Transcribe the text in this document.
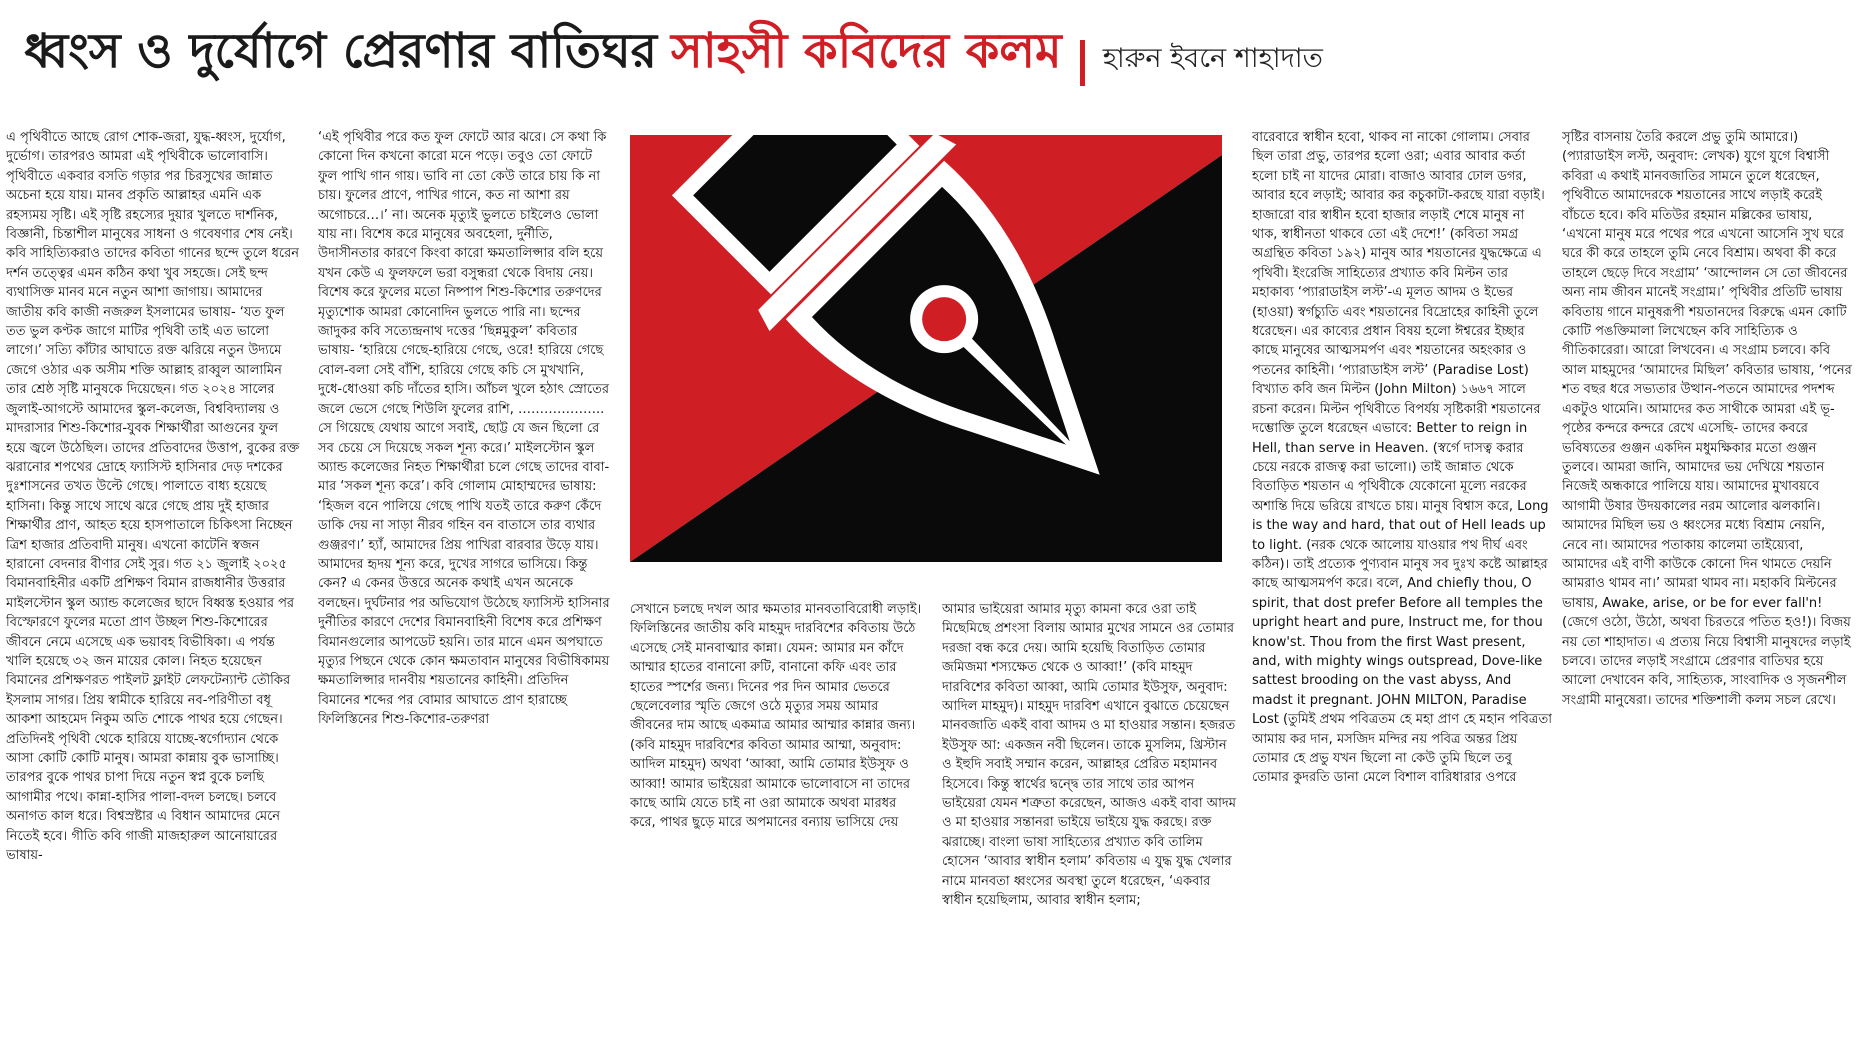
ধ্বংস ও দুর্যোগে প্রেরণার বাতিঘর সাহসী কবিদের কলম হারুন ইবনে শাহাদাত

এ পৃথিবীতে আছে রোগ শোক-জরা, যুদ্ধ-ধ্বংস, দুর্যোগ, দুর্ভোগ। তারপরও আমরা এই পৃথিবীকে ভালোবাসি। পৃথিবীতে একবার বসতি গড়ার পর চিরসুখের জান্নাত অচেনা হয়ে যায়। মানব প্রকৃতি আল্লাহর এমনি এক রহস্যময় সৃষ্টি। এই সৃষ্টি রহস্যের দুয়ার খুলতে দার্শনিক, বিজ্ঞানী, চিন্তাশীল মানুষের সাধনা ও গবেষণার শেষ নেই। কবি সাহিত্যিকরাও তাদের কবিতা গানের ছন্দে তুলে ধরেন দর্শন তত্ত্বের এমন কঠিন কথা খুব সহজে। সেই ছন্দ ব্যথাসিক্ত মানব মনে নতুন আশা জাগায়। আমাদের জাতীয় কবি কাজী নজরুল ইসলামের ভাষায়- ‘যত ফুল তত ভুল কণ্টক জাগে মাটির পৃথিবী তাই এত ভালো লাগে।’ সত্যি কাঁটার আঘাতে রক্ত ঝরিয়ে নতুন উদ্যমে জেগে ওঠার এক অসীম শক্তি আল্লাহ রাব্বুল আলামিন তার শ্রেষ্ঠ সৃষ্টি মানুষকে দিয়েছেন। গত ২০২৪ সালের জুলাই-আগস্টে আমাদের স্কুল-কলেজ, বিশ্ববিদ্যালয় ও মাদরাসার শিশু-কিশোর-যুবক শিক্ষার্থীরা আগুনের ফুল হয়ে জ্বলে উঠেছিল। তাদের প্রতিবাদের উত্তাপ, বুকের রক্ত ঝরানোর শপথের দ্রোহে ফ্যাসিস্ট হাসিনার দেড় দশকের দুঃশাসনের তখত উল্টে গেছে। পালাতে বাধ্য হয়েছে হাসিনা। কিন্তু সাথে সাথে ঝরে গেছে প্রায় দুই হাজার শিক্ষার্থীর প্রাণ, আহত হয়ে হাসপাতালে চিকিৎসা নিচ্ছেন ত্রিশ হাজার প্রতিবাদী মানুষ। এখনো কাটেনি স্বজন হারানো বেদনার বীণার সেই সুর। গত ২১ জুলাই ২০২৫ বিমানবাহিনীর একটি প্রশিক্ষণ বিমান রাজধানীর উত্তরার মাইলস্টোন স্কুল অ্যান্ড কলেজের ছাদে বিধ্বস্ত হওয়ার পর বিস্ফোরণে ফুলের মতো প্রাণ উচ্ছল শিশু-কিশোরের জীবনে নেমে এসেছে এক ভয়াবহ বিভীষিকা। এ পর্যন্ত খালি হয়েছে ৩২ জন মায়ের কোল। নিহত হয়েছেন বিমানের প্রশিক্ষণরত পাইলট ফ্লাইট লেফটেন্যান্ট তৌকির ইসলাম সাগর। প্রিয় স্বামীকে হারিয়ে নব-পরিণীতা বধূ আকশা আহমেদ নিকুম অতি শোকে পাথর হয়ে গেছেন। প্রতিদিনই পৃথিবী থেকে হারিয়ে যাচ্ছে-স্বর্গোদ্যান থেকে আসা কোটি কোটি মানুষ। আমরা কান্নায় বুক ভাসাচ্ছি। তারপর বুকে পাথর চাপা দিয়ে নতুন স্বপ্ন বুকে চলছি আগামীর পথে। কান্না-হাসির পালা-বদল চলছে। চলবে অনাগত কাল ধরে। বিশ্বস্রষ্টার এ বিধান আমাদের মেনে নিতেই হবে। গীতি কবি গাজী মাজহারুল আনোয়ারের ভাষায়-

‘এই পৃথিবীর পরে কত ফুল ফোটে আর ঝরে। সে কথা কি কোনো দিন কখনো কারো মনে পড়ে। তবুও তো ফোটে ফুল পাখি গান গায়। ভাবি না তো কেউ তারে চায় কি না চায়। ফুলের প্রাণে, পাখির গানে, কত না আশা রয় অগোচরে…।’ না। অনেক মৃত্যুই ভুলতে চাইলেও ভোলা যায় না। বিশেষ করে মানুষের অবহেলা, দুর্নীতি, উদাসীনতার কারণে কিংবা কারো ক্ষমতালিপ্সার বলি হয়ে যখন কেউ এ ফুলফলে ভরা বসুন্ধরা থেকে বিদায় নেয়। বিশেষ করে ফুলের মতো নিষ্পাপ শিশু-কিশোর তরুণদের মৃত্যুশোক আমরা কোনোদিন ভুলতে পারি না। ছন্দের জাদুকর কবি সত্যেন্দ্রনাথ দত্তের ‘ছিন্নমুকুল’ কবিতার ভাষায়- ‘হারিয়ে গেছে-হারিয়ে গেছে, ওরে! হারিয়ে গেছে বোল-বলা সেই বাঁশি, হারিয়ে গেছে কচি সে মুখখানি, দুধে-ধোওয়া কচি দাঁতের হাসি। আঁচল খুলে হঠাৎ স্রোতের জলে ভেসে গেছে শিউলি ফুলের রাশি, ……………….. সে গিয়েছে যেথায় আগে সবাই, ছোট্ট যে জন ছিলো রে সব চেয়ে সে দিয়েছে সকল শূন্য করে।’ মাইলস্টোন স্কুল অ্যান্ড কলেজের নিহত শিক্ষার্থীরা চলে গেছে তাদের বাবা-মার ‘সকল শূন্য করে’। কবি গোলাম মোহাম্মদের ভাষায়: ‘হিজল বনে পালিয়ে গেছে পাখি যতই তারে করুণ কেঁদে ডাকি দেয় না সাড়া নীরব গহিন বন বাতাসে তার ব্যথার গুঞ্জরণ।’ হ্যাঁ, আমাদের প্রিয় পাখিরা বারবার উড়ে যায়। আমাদের হৃদয় শূন্য করে, দুখের সাগরে ভাসিয়ে। কিন্তু কেন? এ কেনর উত্তরে অনেক কথাই এখন অনেকে বলছেন। দুর্ঘটনার পর অভিযোগ উঠেছে ফ্যাসিস্ট হাসিনার দুর্নীতির কারণে দেশের বিমানবাহিনী বিশেষ করে প্রশিক্ষণ বিমানগুলোর আপডেট হয়নি। তার মানে এমন অপঘাতে মৃত্যুর পিছনে থেকে কোন ক্ষমতাবান মানুষের বিভীষিকাময় ক্ষমতালিপ্সার দানবীয় শয়তানের কাহিনী। প্রতিদিন বিমানের শব্দের পর বোমার আঘাতে প্রাণ হারাচ্ছে ফিলিস্তিনের শিশু-কিশোর-তরুণরা

সেখানে চলছে দখল আর ক্ষমতার মানবতাবিরোধী লড়াই। ফিলিস্তিনের জাতীয় কবি মাহমুদ দারবিশের কবিতায় উঠে এসেছে সেই মানবাত্মার কান্না। যেমন: আমার মন কাঁদে আম্মার হাতের বানানো রুটি, বানানো কফি এবং তার হাতের স্পর্শের জন্য। দিনের পর দিন আমার ভেতরে ছেলেবেলার স্মৃতি জেগে ওঠে মৃত্যুর সময় আমার জীবনের দাম আছে একমাত্র আমার আম্মার কান্নার জন্য। (কবি মাহমুদ দারবিশের কবিতা আমার আম্মা, অনুবাদ: আদিল মাহমুদ) অথবা ‘আব্বা, আমি তোমার ইউসুফ ও আব্বা! আমার ভাইয়েরা আমাকে ভালোবাসে না তাদের কাছে আমি যেতে চাই না ওরা আমাকে অথবা মারধর করে, পাথর ছুড়ে মারে অপমানের বন্যায় ভাসিয়ে দেয়

আমার ভাইয়েরা আমার মৃত্যু কামনা করে ওরা তাই মিছেমিছে প্রশংসা বিলায় আমার মুখের সামনে ওর তোমার দরজা বন্ধ করে দেয়। আমি হয়েছি বিতাড়িত তোমার জমিজমা শস্যক্ষেত থেকে ও আব্বা!’ (কবি মাহমুদ দারবিশের কবিতা আব্বা, আমি তোমার ইউসুফ, অনুবাদ: আদিল মাহমুদ)। মাহমুদ দারবিশ এখানে বুঝাতে চেয়েছেন মানবজাতি একই বাবা আদম ও মা হাওয়ার সন্তান। হজরত ইউসুফ আ: একজন নবী ছিলেন। তাকে মুসলিম, খ্রিস্টান ও ইহুদি সবাই সম্মান করেন, আল্লাহর প্রেরিত মহামানব হিসেবে। কিন্তু স্বার্থের দ্বন্দ্বে তার সাথে তার আপন ভাইয়েরা যেমন শত্রুতা করেছেন, আজও একই বাবা আদম ও মা হাওয়ার সন্তানরা ভাইয়ে ভাইয়ে যুদ্ধ করছে। রক্ত ঝরাচ্ছে। বাংলা ভাষা সাহিত্যের প্রখ্যাত কবি তালিম হোসেন ‘আবার স্বাধীন হলাম’ কবিতায় এ যুদ্ধ যুদ্ধ খেলার নামে মানবতা ধ্বংসের অবস্থা তুলে ধরেছেন, ‘একবার স্বাধীন হয়েছিলাম, আবার স্বাধীন হলাম;

বারেবারে স্বাধীন হবো, থাকব না নাকো গোলাম। সেবার ছিল তারা প্রভু, তারপর হলো ওরা; এবার আবার কর্তা হলো চাই না যাদের মোরা। বাজাও আবার ঢোল ডগর, আবার হবে লড়াই; আবার কর কচুকাটা-করছে যারা বড়াই। হাজারো বার স্বাধীন হবো হাজার লড়াই শেষে মানুষ না থাক, স্বাধীনতা থাকবে তো এই দেশে!’ (কবিতা সমগ্র অগ্রন্থিত কবিতা ১৯২) মানুষ আর শয়তানের যুদ্ধক্ষেত্রে এ পৃথিবী। ইংরেজি সাহিত্যের প্রখ্যাত কবি মিল্টন তার মহাকাব্য ‘প্যারাডাইস লস্ট’-এ মূলত আদম ও ইভের (হাওয়া) স্বর্গচ্যুতি এবং শয়তানের বিদ্রোহের কাহিনী তুলে ধরেছেন। এর কাব্যের প্রধান বিষয় হলো ঈশ্বরের ইচ্ছার কাছে মানুষের আত্মসমর্পণ এবং শয়তানের অহংকার ও পতনের কাহিনী। ‘প্যারাডাইস লস্ট’ (Paradise Lost) বিখ্যাত কবি জন মিল্টন (John Milton) ১৬৬৭ সালে রচনা করেন। মিল্টন পৃথিবীতে বিপর্যয় সৃষ্টিকারী শয়তানের দম্ভোক্তি তুলে ধরেছেন এভাবে: Better to reign in Hell, than serve in Heaven. (স্বর্গে দাসত্ব করার চেয়ে নরকে রাজত্ব করা ভালো।) তাই জান্নাত থেকে বিতাড়িত শয়তান এ পৃথিবীকে যেকোনো মূল্যে নরকের অশান্তি দিয়ে ভরিয়ে রাখতে চায়। মানুষ বিশ্বাস করে, Long is the way and hard, that out of Hell leads up to light. (নরক থেকে আলোয় যাওয়ার পথ দীর্ঘ এবং কঠিন)। তাই প্রত্যেক পুণ্যবান মানুষ সব দুঃখ কষ্টে আল্লাহর কাছে আত্মসমর্পণ করে। বলে, And chiefly thou, O spirit, that dost prefer Before all temples the upright heart and pure, Instruct me, for thou know'st. Thou from the first Wast present, and, with mighty wings outspread, Dove-like sattest brooding on the vast abyss, And madst it pregnant. JOHN MILTON, Paradise Lost (তুমিই প্রথম পবিত্রতম হে মহা প্রাণ হে মহান পবিত্রতা আমায় কর দান, মসজিদ মন্দির নয় পবিত্র অন্তর প্রিয় তোমার হে প্রভু যখন ছিলো না কেউ তুমি ছিলে তবু তোমার কুদরতি ডানা মেলে বিশাল বারিধারার ওপরে

সৃষ্টির বাসনায় তৈরি করলে প্রভু তুমি আমারে।) (প্যারাডাইস লস্ট, অনুবাদ: লেখক) যুগে যুগে বিশ্বাসী কবিরা এ কথাই মানবজাতির সামনে তুলে ধরেছেন, পৃথিবীতে আমাদেরকে শয়তানের সাথে লড়াই করেই বাঁচতে হবে। কবি মতিউর রহমান মল্লিকের ভাষায়, ‘এখনো মানুষ মরে পথের পরে এখনো আসেনি সুখ ঘরে ঘরে কী করে তাহলে তুমি নেবে বিশ্রাম। অথবা কী করে তাহলে ছেড়ে দিবে সংগ্রাম’ ‘আন্দোলন সে তো জীবনের অন্য নাম জীবন মানেই সংগ্রাম।’ পৃথিবীর প্রতিটি ভাষায় কবিতায় গানে মানুষরূপী শয়তানদের বিরুদ্ধে এমন কোটি কোটি পঙক্তিমালা লিখেছেন কবি সাহিত্যিক ও গীতিকারেরা। আরো লিখবেন। এ সংগ্রাম চলবে। কবি আল মাহমুদের ‘আমাদের মিছিল’ কবিতার ভাষায়, ‘পনের শত বছর ধরে সভ্যতার উত্থান-পতনে আমাদের পদশব্দ একটুও থামেনি। আমাদের কত সাথীকে আমরা এই ভূ-পৃষ্ঠের কন্দরে কন্দরে রেখে এসেছি- তাদের কবরে ভবিষ্যতের গুঞ্জন একদিন মধুমক্ষিকার মতো গুঞ্জন তুলবে। আমরা জানি, আমাদের ভয় দেখিয়ে শয়তান নিজেই অন্ধকারে পালিয়ে যায়। আমাদের মুখাবয়বে আগামী উষার উদয়কালের নরম আলোর ঝলকানি। আমাদের মিছিল ভয় ও ধ্বংসের মধ্যে বিশ্রাম নেয়নি, নেবে না। আমাদের পতাকায় কালেমা তাইয়্যেবা, আমাদের এই বাণী কাউকে কোনো দিন থামতে দেয়নি আমরাও থামব না।’ আমরা থামব না। মহাকবি মিল্টনের ভাষায়, Awake, arise, or be for ever fall'n! (জেগে ওঠো, উঠো, অথবা চিরতরে পতিত হও!)। বিজয় নয় তো শাহাদাত। এ প্রত্যয় নিয়ে বিশ্বাসী মানুষদের লড়াই চলবে। তাদের লড়াই সংগ্রামে প্রেরণার বাতিঘর হয়ে আলো দেখাবেন কবি, সাহিত্যক, সাংবাদিক ও সৃজনশীল সংগ্রামী মানুষেরা। তাদের শক্তিশালী কলম সচল রেখে।
